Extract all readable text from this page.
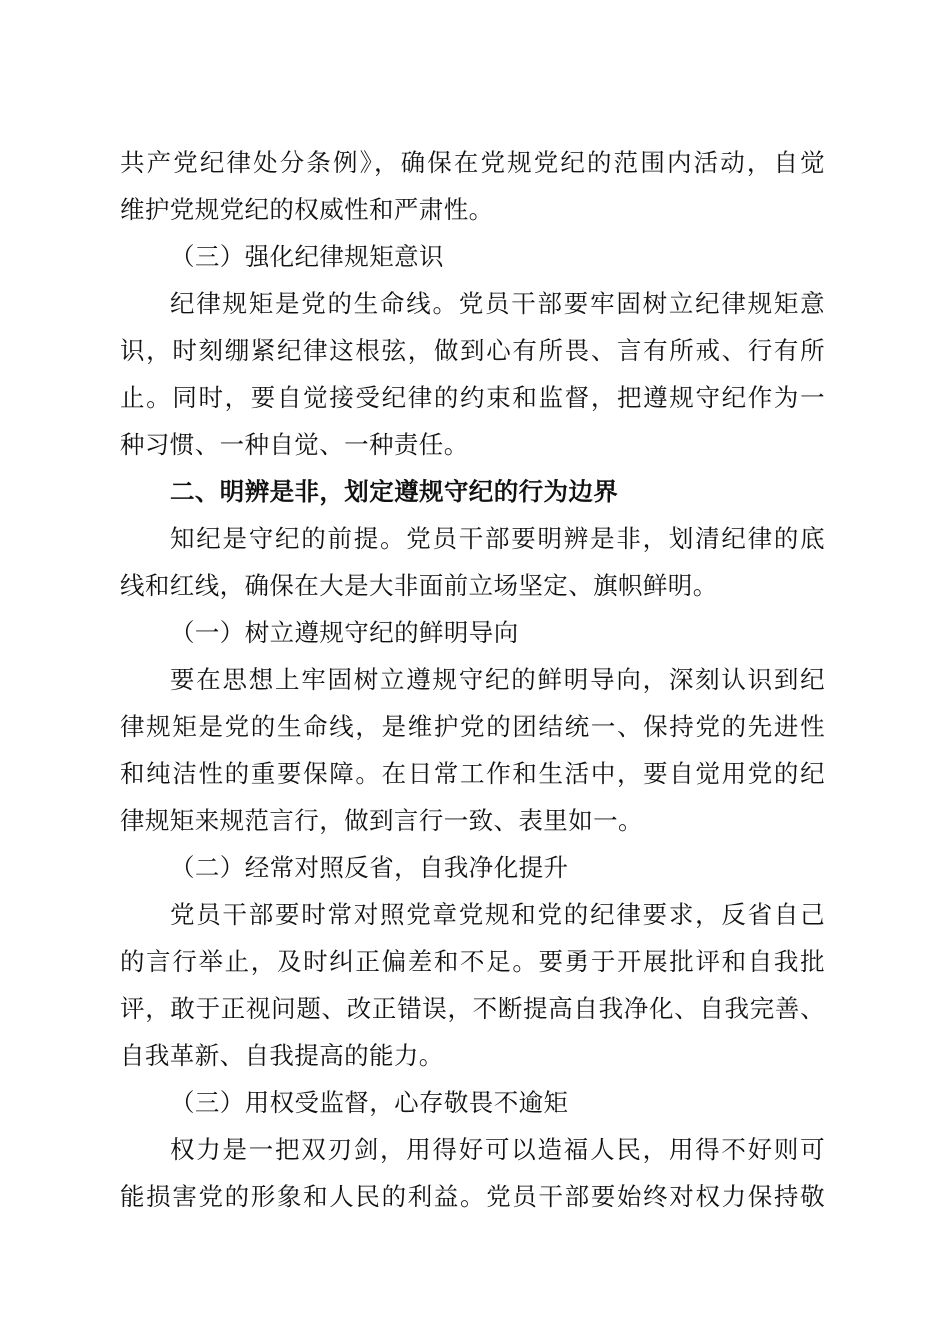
共产党纪律处分条例》，确保在党规党纪的范围内活动，自觉
维护党规党纪的权威性和严肃性。
（三）强化纪律规矩意识
纪律规矩是党的生命线。党员干部要牢固树立纪律规矩意
识，时刻绷紧纪律这根弦，做到心有所畏、言有所戒、行有所
止。同时，要自觉接受纪律的约束和监督，把遵规守纪作为一
种习惯、一种自觉、一种责任。
二、明辨是非，划定遵规守纪的行为边界
知纪是守纪的前提。党员干部要明辨是非，划清纪律的底
线和红线，确保在大是大非面前立场坚定、旗帜鲜明。
（一）树立遵规守纪的鲜明导向
要在思想上牢固树立遵规守纪的鲜明导向，深刻认识到纪
律规矩是党的生命线，是维护党的团结统一、保持党的先进性
和纯洁性的重要保障。在日常工作和生活中，要自觉用党的纪
律规矩来规范言行，做到言行一致、表里如一。
（二）经常对照反省，自我净化提升
党员干部要时常对照党章党规和党的纪律要求，反省自己
的言行举止，及时纠正偏差和不足。要勇于开展批评和自我批
评，敢于正视问题、改正错误，不断提高自我净化、自我完善、
自我革新、自我提高的能力。
（三）用权受监督，心存敬畏不逾矩
权力是一把双刃剑，用得好可以造福人民，用得不好则可
能损害党的形象和人民的利益。党员干部要始终对权力保持敬
